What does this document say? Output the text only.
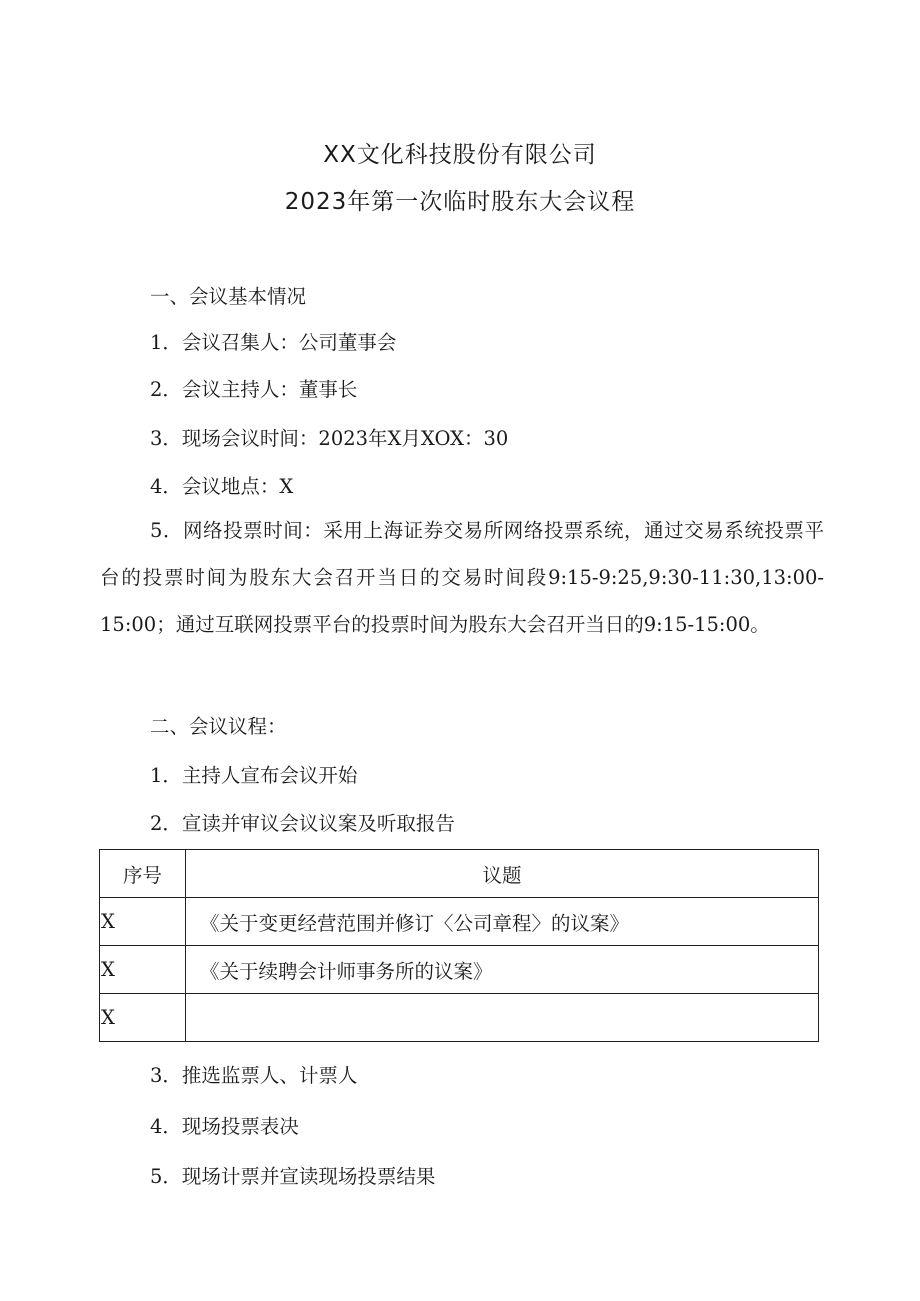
XX文化科技股份有限公司
2023年第一次临时股东大会议程
一、会议基本情况
1．会议召集人：公司董事会
2．会议主持人：董事长
3．现场会议时间：2023年X月XOX：30
4．会议地点：X
5．网络投票时间：采用上海证券交易所网络投票系统，通过交易系统投票平台的投票时间为股东大会召开当日的交易时间段9:15-9:25,9:30-11:30,13:00-15:00；通过互联网投票平台的投票时间为股东大会召开当日的9:15-15:00。
二、会议议程：
1．主持人宣布会议开始
2．宣读并审议会议议案及听取报告
序号	议题
X	《关于变更经营范围并修订〈公司章程〉的议案》
X	《关于续聘会计师事务所的议案》
X	
3．推选监票人、计票人
4．现场投票表决
5．现场计票并宣读现场投票结果
